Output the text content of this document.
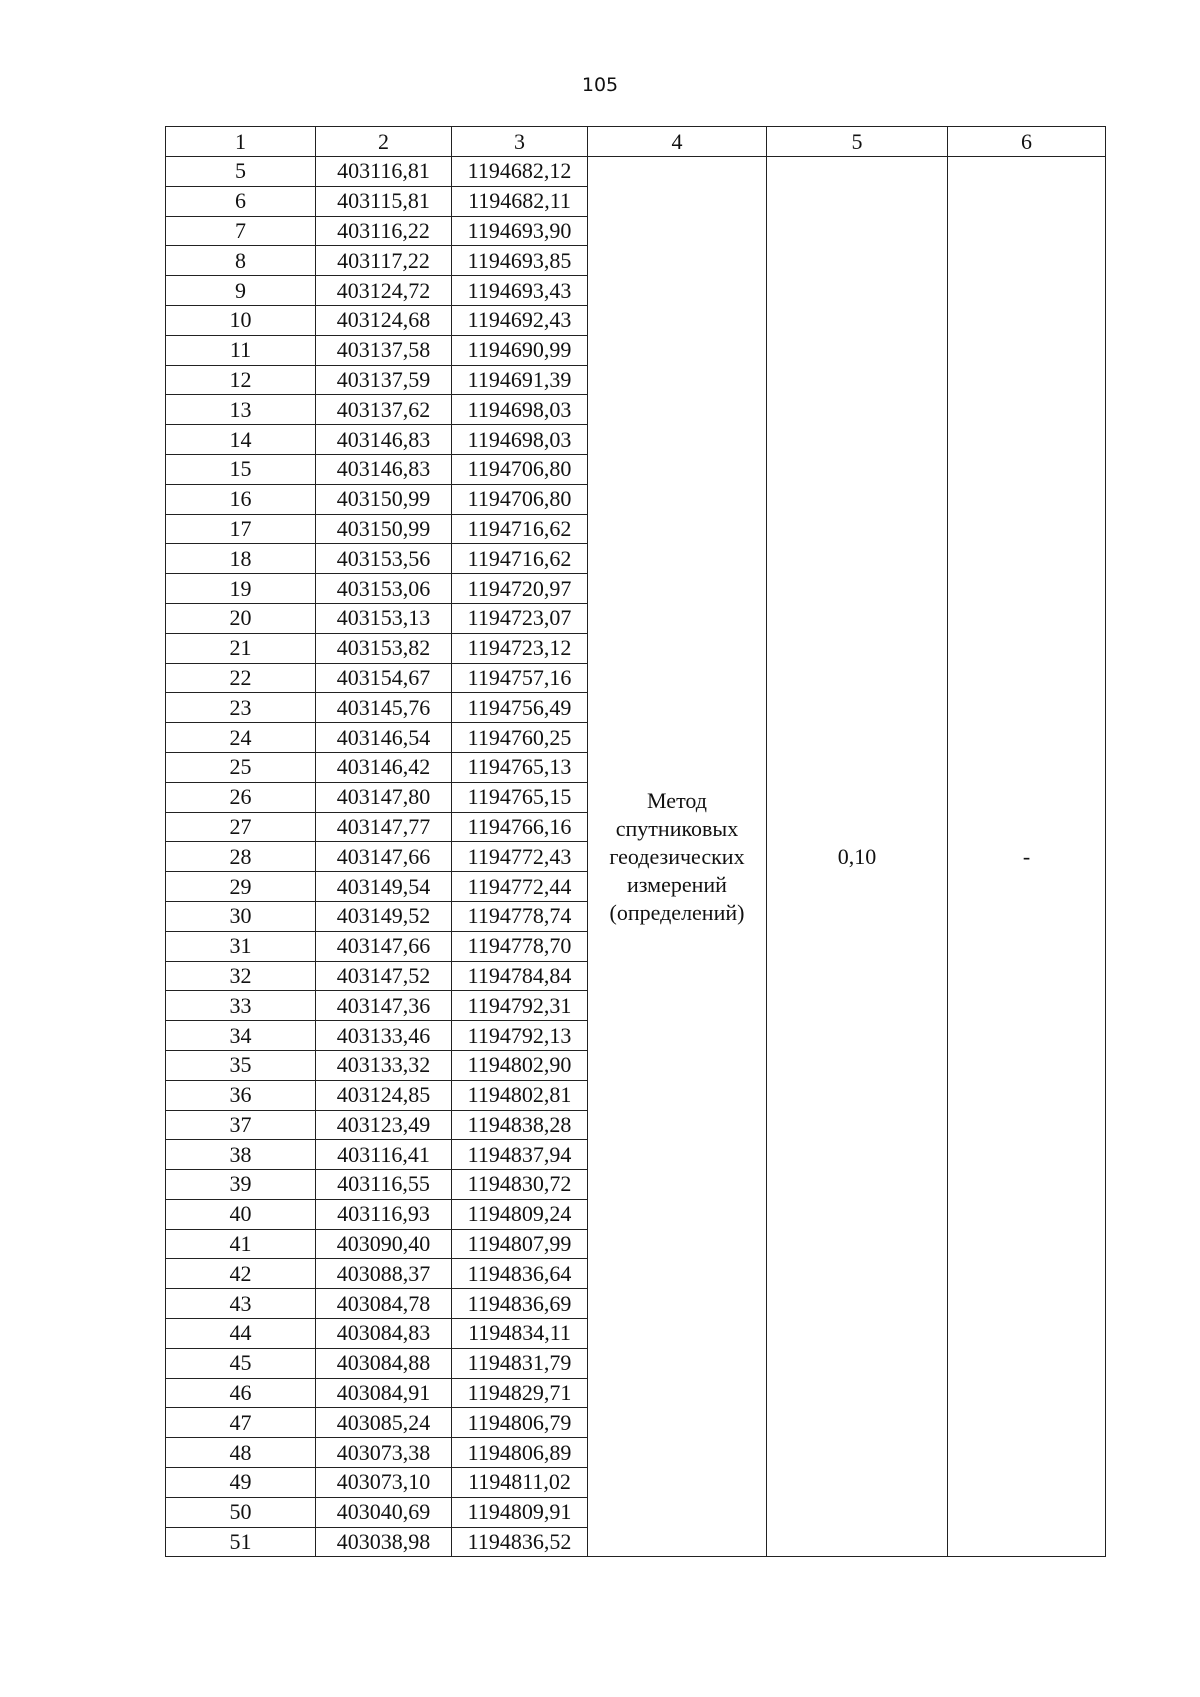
105
1	2	3	4	5	6
5	403116,81	1194682,12	Метод
спутниковых
геодезических
измерений
(определений)	0,10	-
6	403115,81	1194682,11			
7	403116,22	1194693,90			
8	403117,22	1194693,85			
9	403124,72	1194693,43			
10	403124,68	1194692,43			
11	403137,58	1194690,99			
12	403137,59	1194691,39			
13	403137,62	1194698,03			
14	403146,83	1194698,03			
15	403146,83	1194706,80			
16	403150,99	1194706,80			
17	403150,99	1194716,62			
18	403153,56	1194716,62			
19	403153,06	1194720,97			
20	403153,13	1194723,07			
21	403153,82	1194723,12			
22	403154,67	1194757,16			
23	403145,76	1194756,49			
24	403146,54	1194760,25			
25	403146,42	1194765,13			
26	403147,80	1194765,15			
27	403147,77	1194766,16			
28	403147,66	1194772,43			
29	403149,54	1194772,44			
30	403149,52	1194778,74			
31	403147,66	1194778,70			
32	403147,52	1194784,84			
33	403147,36	1194792,31			
34	403133,46	1194792,13			
35	403133,32	1194802,90			
36	403124,85	1194802,81			
37	403123,49	1194838,28			
38	403116,41	1194837,94			
39	403116,55	1194830,72			
40	403116,93	1194809,24			
41	403090,40	1194807,99			
42	403088,37	1194836,64			
43	403084,78	1194836,69			
44	403084,83	1194834,11			
45	403084,88	1194831,79			
46	403084,91	1194829,71			
47	403085,24	1194806,79			
48	403073,38	1194806,89			
49	403073,10	1194811,02			
50	403040,69	1194809,91			
51	403038,98	1194836,52			
